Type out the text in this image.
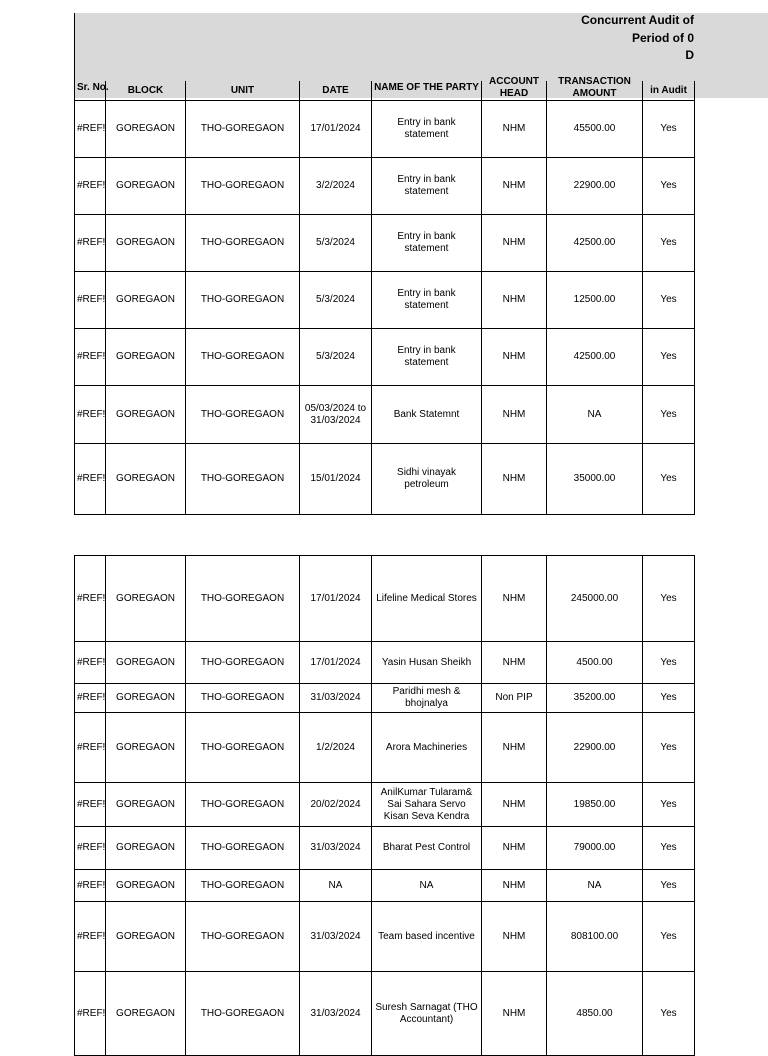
Concurrent Audit of
Period of 0
D
Sr. No.	BLOCK	UNIT	DATE	NAME OF THE PARTY	ACCOUNT HEAD	TRANSACTION AMOUNT	in Audit
#REF!	GOREGAON	THO-GOREGAON	17/01/2024	Entry in bank statement	NHM	45500.00	Yes
#REF!	GOREGAON	THO-GOREGAON	3/2/2024	Entry in bank statement	NHM	22900.00	Yes
#REF!	GOREGAON	THO-GOREGAON	5/3/2024	Entry in bank statement	NHM	42500.00	Yes
#REF!	GOREGAON	THO-GOREGAON	5/3/2024	Entry in bank statement	NHM	12500.00	Yes
#REF!	GOREGAON	THO-GOREGAON	5/3/2024	Entry in bank statement	NHM	42500.00	Yes
#REF!	GOREGAON	THO-GOREGAON	05/03/2024 to 31/03/2024	Bank Statemnt	NHM	NA	Yes
#REF!	GOREGAON	THO-GOREGAON	15/01/2024	Sidhi vinayak petroleum	NHM	35000.00	Yes
#REF!	GOREGAON	THO-GOREGAON	17/01/2024	Lifeline Medical Stores	NHM	245000.00	Yes
#REF!	GOREGAON	THO-GOREGAON	17/01/2024	Yasin Husan Sheikh	NHM	4500.00	Yes
#REF!	GOREGAON	THO-GOREGAON	31/03/2024	Paridhi mesh & bhojnalya	Non PIP	35200.00	Yes
#REF!	GOREGAON	THO-GOREGAON	1/2/2024	Arora Machineries	NHM	22900.00	Yes
#REF!	GOREGAON	THO-GOREGAON	20/02/2024	AnilKumar Tularam& Sai Sahara Servo Kisan Seva Kendra	NHM	19850.00	Yes
#REF!	GOREGAON	THO-GOREGAON	31/03/2024	Bharat Pest Control	NHM	79000.00	Yes
#REF!	GOREGAON	THO-GOREGAON	NA	NA	NHM	NA	Yes
#REF!	GOREGAON	THO-GOREGAON	31/03/2024	Team based incentive	NHM	808100.00	Yes
#REF!	GOREGAON	THO-GOREGAON	31/03/2024	Suresh Sarnagat (THO Accountant)	NHM	4850.00	Yes
